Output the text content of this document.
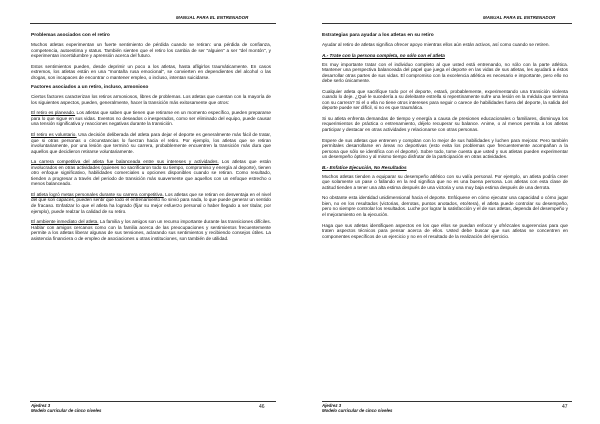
MANUAL PARA EL ENTRENADOR
Problemas asociados con el retiro

Muchos atletas experimentan un fuerte sentimiento de pérdida cuando se retiran: una pérdida de confianza, competencia, autoestima y status. También sienten que el retiro los cambia de ser "alguien" a ser "del montón", y experimentan incertidumbre y aprensión acerca del futuro.

Estos sentimientos pueden, desde deprimir un poco a los atletas, hasta afligirlos traumáticamente. En casos extremos, los atletas están en una "montaña rusa emocional", se convierten en dependientes del alcohol o las drogas, son incapaces de encontrar o mantener empleo, o incluso, intentan suicidarse.

Factores asociados a un retiro, incluso, armonioso

Ciertos factores caracterizan los retiros armoniosos, libres de problemas. Los atletas que cuentan con la mayoría de los siguientes aspectos, pueden, generalmente, hacer la transición más exitosamente que otros:

El retiro es planeado. Los atletas que saben que tienen que retirarse en un momento específico, pueden prepararse para lo que sigue en sus vidas. Eventos no deseados o inesperados, como ser eliminado del equipo, puede causar una tensión significativa y reacciones negativas durante la transición.

El retiro es voluntario. Una decisión deliberada del atleta para dejar el deporte es generalmente más fácil de tratar, que si otras personas o circunstancias lo fuerzan hacia el retiro. Por ejemplo, los atletas que se retiran involuntariamente, por una lesión que terminó su carrera, probablemente encuentren la transición más dura que aquellos que decidieron retirarse voluntariamente.

La carrera competitiva del atleta fue balanceada entre sus intereses y actividades. Los atletas que están involucrados en otras actividades (quienes no sacrificaron todo su tiempo, compromiso y energía al deporte), tienen otro enfoque significativo, habilidades comerciales u opciones disponibles cuando se retiran. Como resultado, tienden a progresar a través del periodo de transición más suavemente que aquellos con un enfoque estrecho o menos balanceado.

El atleta logró metas personales durante su carrera competitiva. Los atletas que se retiran en desventaja en el nivel del que son capaces, pueden sentir que todo el entrenamiento no sirvió para nada, lo que puede generar un sentido de fracaso. Enfatizar lo que el atleta ha logrado (fijar su mejor esfuerzo personal o haber llegado a ser titular, por ejemplo), puede realzar la calidad de su retiro.

El ambiente inmediato del atleta. La familia y los amigos son un recurso importante durante las transiciones difíciles. Hablar con amigos cercanos como con la familia acerca de las preocupaciones y sentimientos frecuentemente permite a los atletas liberar algunas de sus tensiones, aclarando sus sentimientos y recibiendo consejos útiles. La asistencia financiera o de empleo de asociaciones u otras instituciones, son también de utilidad.

Ajedrez 3
Modelo curricular de cinco niveles
46
MANUAL PARA EL ENTRENADOR
Estrategias para ayudar a los atletas en su retiro

Ayudar al retiro de atletas significa ofrecer apoyo mientras ellos aún están activos, así como cuando se retiren.

A.- Trate con la persona completa, no sólo con el atleta

Es muy importante tratar con el individuo completo al que usted está entrenando, no sólo con la parte atlética. Mantener una perspectiva balanceada del papel que juega el deporte en las vidas de sus atletas, les ayudará a éstos desarrollar otras partes de sus vidas. El compromiso con la excelencia atlética es necesario e importante, pero ello no debe serlo únicamente.

Cualquier atleta que sacrifique todo por el deporte, estará, probablemente, experimentando una transición violenta cuando lo deje. ¿Qué le sucedería a su deleitante estrella si repentinamente sufre una lesión en la médula que termina con su carrera? Si el o ella no tiene otros intereses para seguir o carece de habilidades fuera del deporte, la salida del deporte puede ser difícil, si no es que traumática.

Si su atleta enfrenta demandas de tiempo y energía a causa de presiones educacionales o familiares, disminuya los requerimientos de práctica o entrenamiento, déjelo recuperar su balance. Anime, o al menos permita a los atletas participar y destacar en otras actividades y relacionarse con otras personas.

Espere de sus atletas que entrenen y compitan con lo mejor de sus habilidades y luchen para mejorar. Pero también permítales desarrollarse en áreas no deportivas (esto evita los problemas que frecuentemente acompañan a la persona que sólo se identifica con el deporte). Sobre todo, tome cuenta que usted y sus atletas pueden experimentar un desempeño óptimo y al mismo tiempo disfrutar de la participación en otras actividades.

B.- Enfatice Ejecución, No Resultados

Muchos atletas tienden a equiparar su desempeño atlético con su valía personal. Por ejemplo, un atleta podría creer que solamente un pase o fallando en la red significa que no es una buena persona. Los atletas con esta clase de actitud tienden a tener una alta estima después de una victoria y una muy baja estima después de una derrota.

No obstante esta identidad unidimensional hacia el deporte. Enfóquese en cómo ejecutar una capacidad o cómo jugar bien, no en los resultados (victorias, derrotas, puntos anotados, etcétera), el atleta puede controlar su desempeño, pero no siempre controlar los resultados. Luche por lograr la satisfacción y el de sus atletas, dependa del desempeño y el mejoramiento en la ejecución.

Haga que sus atletas identifiquen aspectos en los que ellos se puedan enfocar y ofrézcales sugerencias para que traten aspectos técnicos para pensar acerca de ellos. Usted debe buscar que sus atletas se concentren en componentes específicos de un ejercicio y no en el resultado de la realización del ejercicio.

Ajedrez 3
Modelo curricular de cinco niveles
47
